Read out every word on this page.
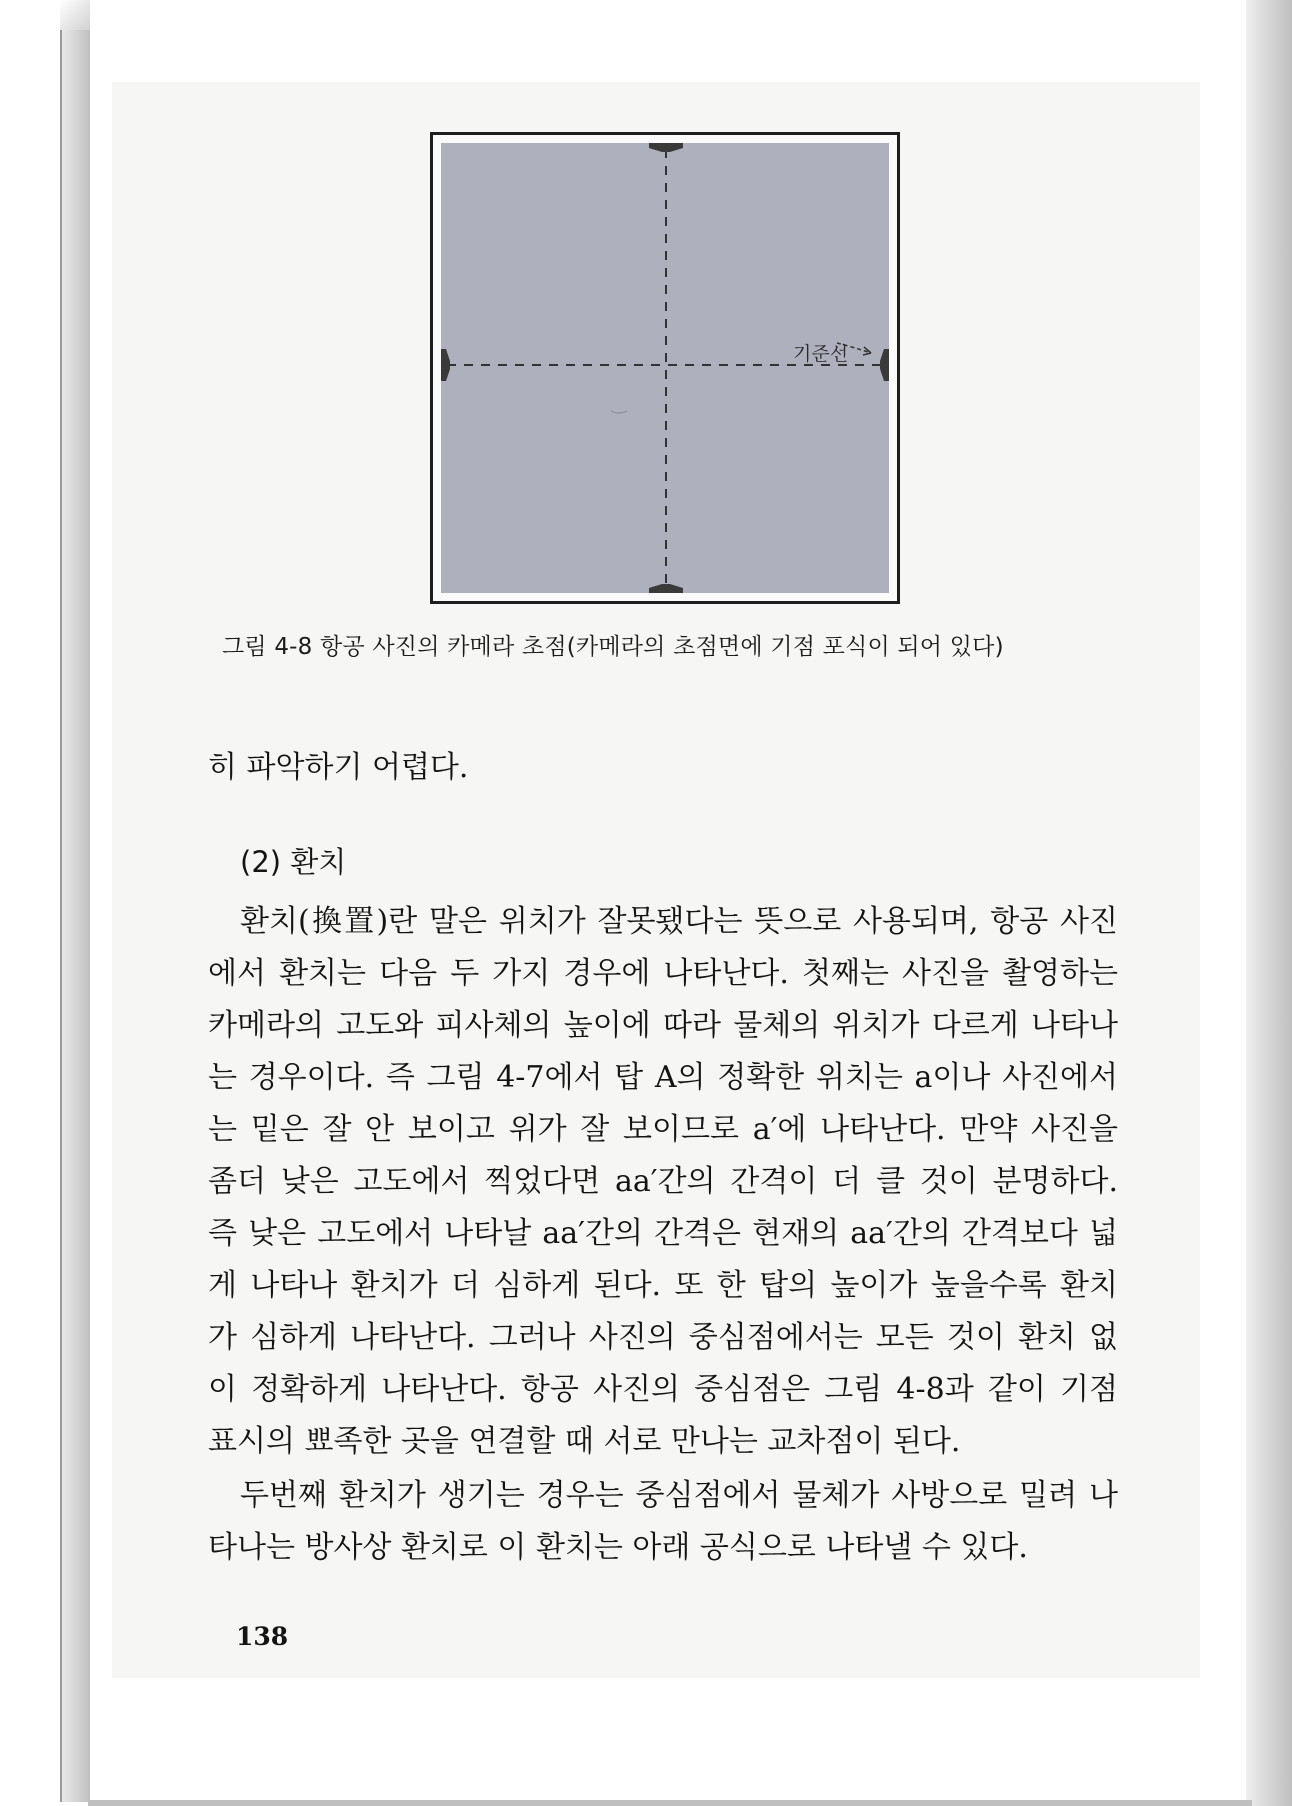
기준선
그림 4-8 항공 사진의 카메라 초점(카메라의 초점면에 기점 포식이 되어 있다)
히 파악하기 어렵다.
(2) 환치
환치(換置)란 말은 위치가 잘못됐다는 뜻으로 사용되며, 항공 사진
에서 환치는 다음 두 가지 경우에 나타난다. 첫째는 사진을 촬영하는
카메라의 고도와 피사체의 높이에 따라 물체의 위치가 다르게 나타나
는 경우이다. 즉 그림 4-7에서 탑 A의 정확한 위치는 a이나 사진에서
는 밑은 잘 안 보이고 위가 잘 보이므로 a′에 나타난다. 만약 사진을
좀더 낮은 고도에서 찍었다면 aa′간의 간격이 더 클 것이 분명하다.
즉 낮은 고도에서 나타날 aa′간의 간격은 현재의 aa′간의 간격보다 넓
게 나타나 환치가 더 심하게 된다. 또 한 탑의 높이가 높을수록 환치
가 심하게 나타난다. 그러나 사진의 중심점에서는 모든 것이 환치 없
이 정확하게 나타난다. 항공 사진의 중심점은 그림 4-8과 같이 기점
표시의 뾰족한 곳을 연결할 때 서로 만나는 교차점이 된다.
두번째 환치가 생기는 경우는 중심점에서 물체가 사방으로 밀려 나
타나는 방사상 환치로 이 환치는 아래 공식으로 나타낼 수 있다.
138
